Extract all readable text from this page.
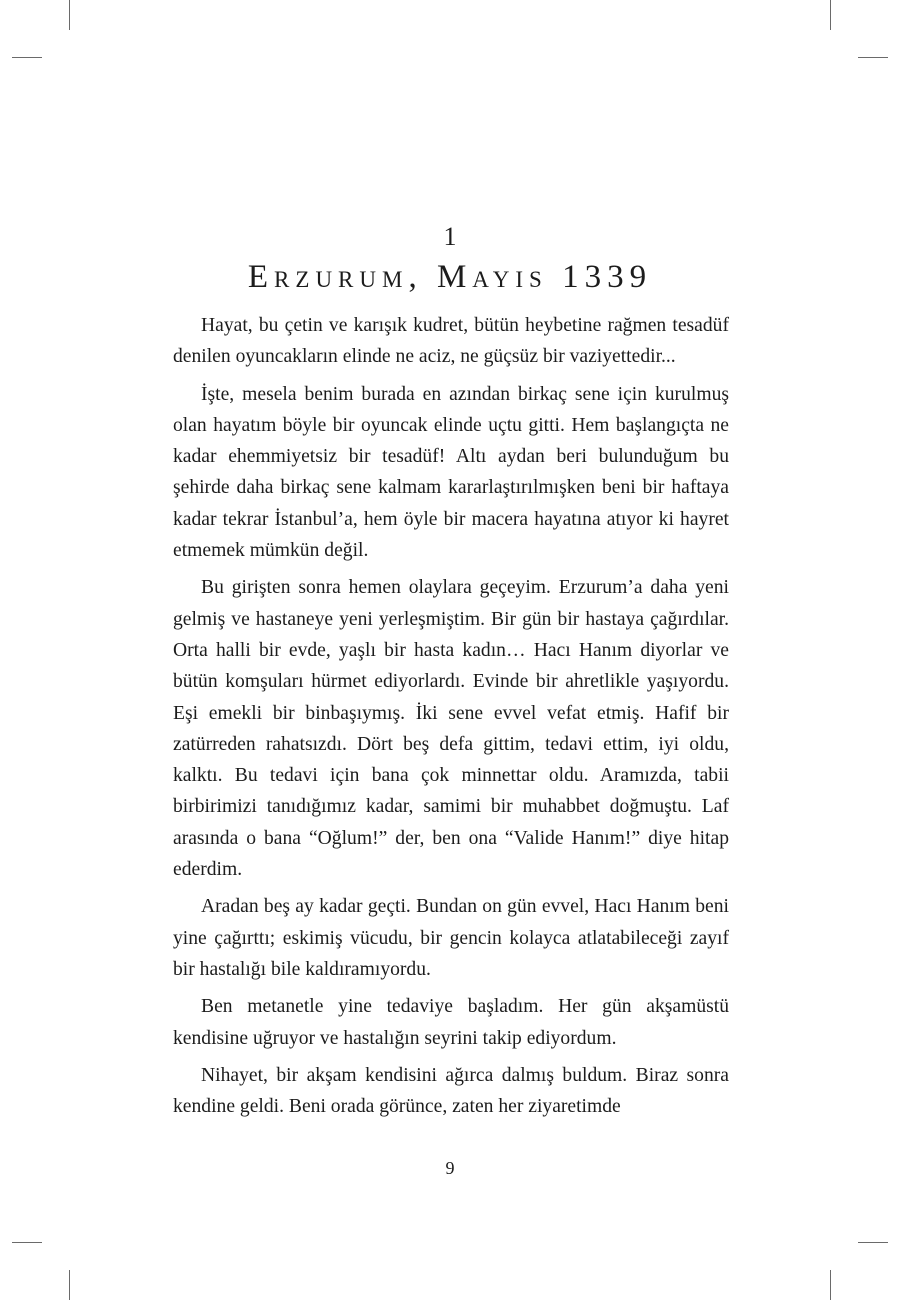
1
Erzurum, Mayıs 1339

Hayat, bu çetin ve karışık kudret, bütün heybetine rağmen tesadüf denilen oyuncakların elinde ne aciz, ne güçsüz bir vaziyettedir...

İşte, mesela benim burada en azından birkaç sene için kurulmuş olan hayatım böyle bir oyuncak elinde uçtu gitti. Hem başlangıçta ne kadar ehemmiyetsiz bir tesadüf! Altı aydan beri bulunduğum bu şehirde daha birkaç sene kalmam kararlaştırılmışken beni bir haftaya kadar tekrar İstanbul’a, hem öyle bir macera hayatına atıyor ki hayret etmemek mümkün değil.

Bu girişten sonra hemen olaylara geçeyim. Erzurum’a daha yeni gelmiş ve hastaneye yeni yerleşmiştim. Bir gün bir hastaya çağırdılar. Orta halli bir evde, yaşlı bir hasta kadın… Hacı Hanım diyorlar ve bütün komşuları hürmet ediyorlardı. Evinde bir ahretlikle yaşıyordu. Eşi emekli bir binbaşıymış. İki sene evvel vefat etmiş. Hafif bir zatürreden rahatsızdı. Dört beş defa gittim, tedavi ettim, iyi oldu, kalktı. Bu tedavi için bana çok minnettar oldu. Aramızda, tabii birbirimizi tanıdığımız kadar, samimi bir muhabbet doğmuştu. Laf arasında o bana “Oğlum!” der, ben ona “Valide Hanım!” diye hitap ederdim.

Aradan beş ay kadar geçti. Bundan on gün evvel, Hacı Hanım beni yine çağırttı; eskimiş vücudu, bir gencin kolayca atlatabileceği zayıf bir hastalığı bile kaldıramıyordu.

Ben metanetle yine tedaviye başladım. Her gün akşamüstü kendisine uğruyor ve hastalığın seyrini takip ediyordum.

Nihayet, bir akşam kendisini ağırca dalmış buldum. Biraz sonra kendine geldi. Beni orada görünce, zaten her ziyaretimde

9
